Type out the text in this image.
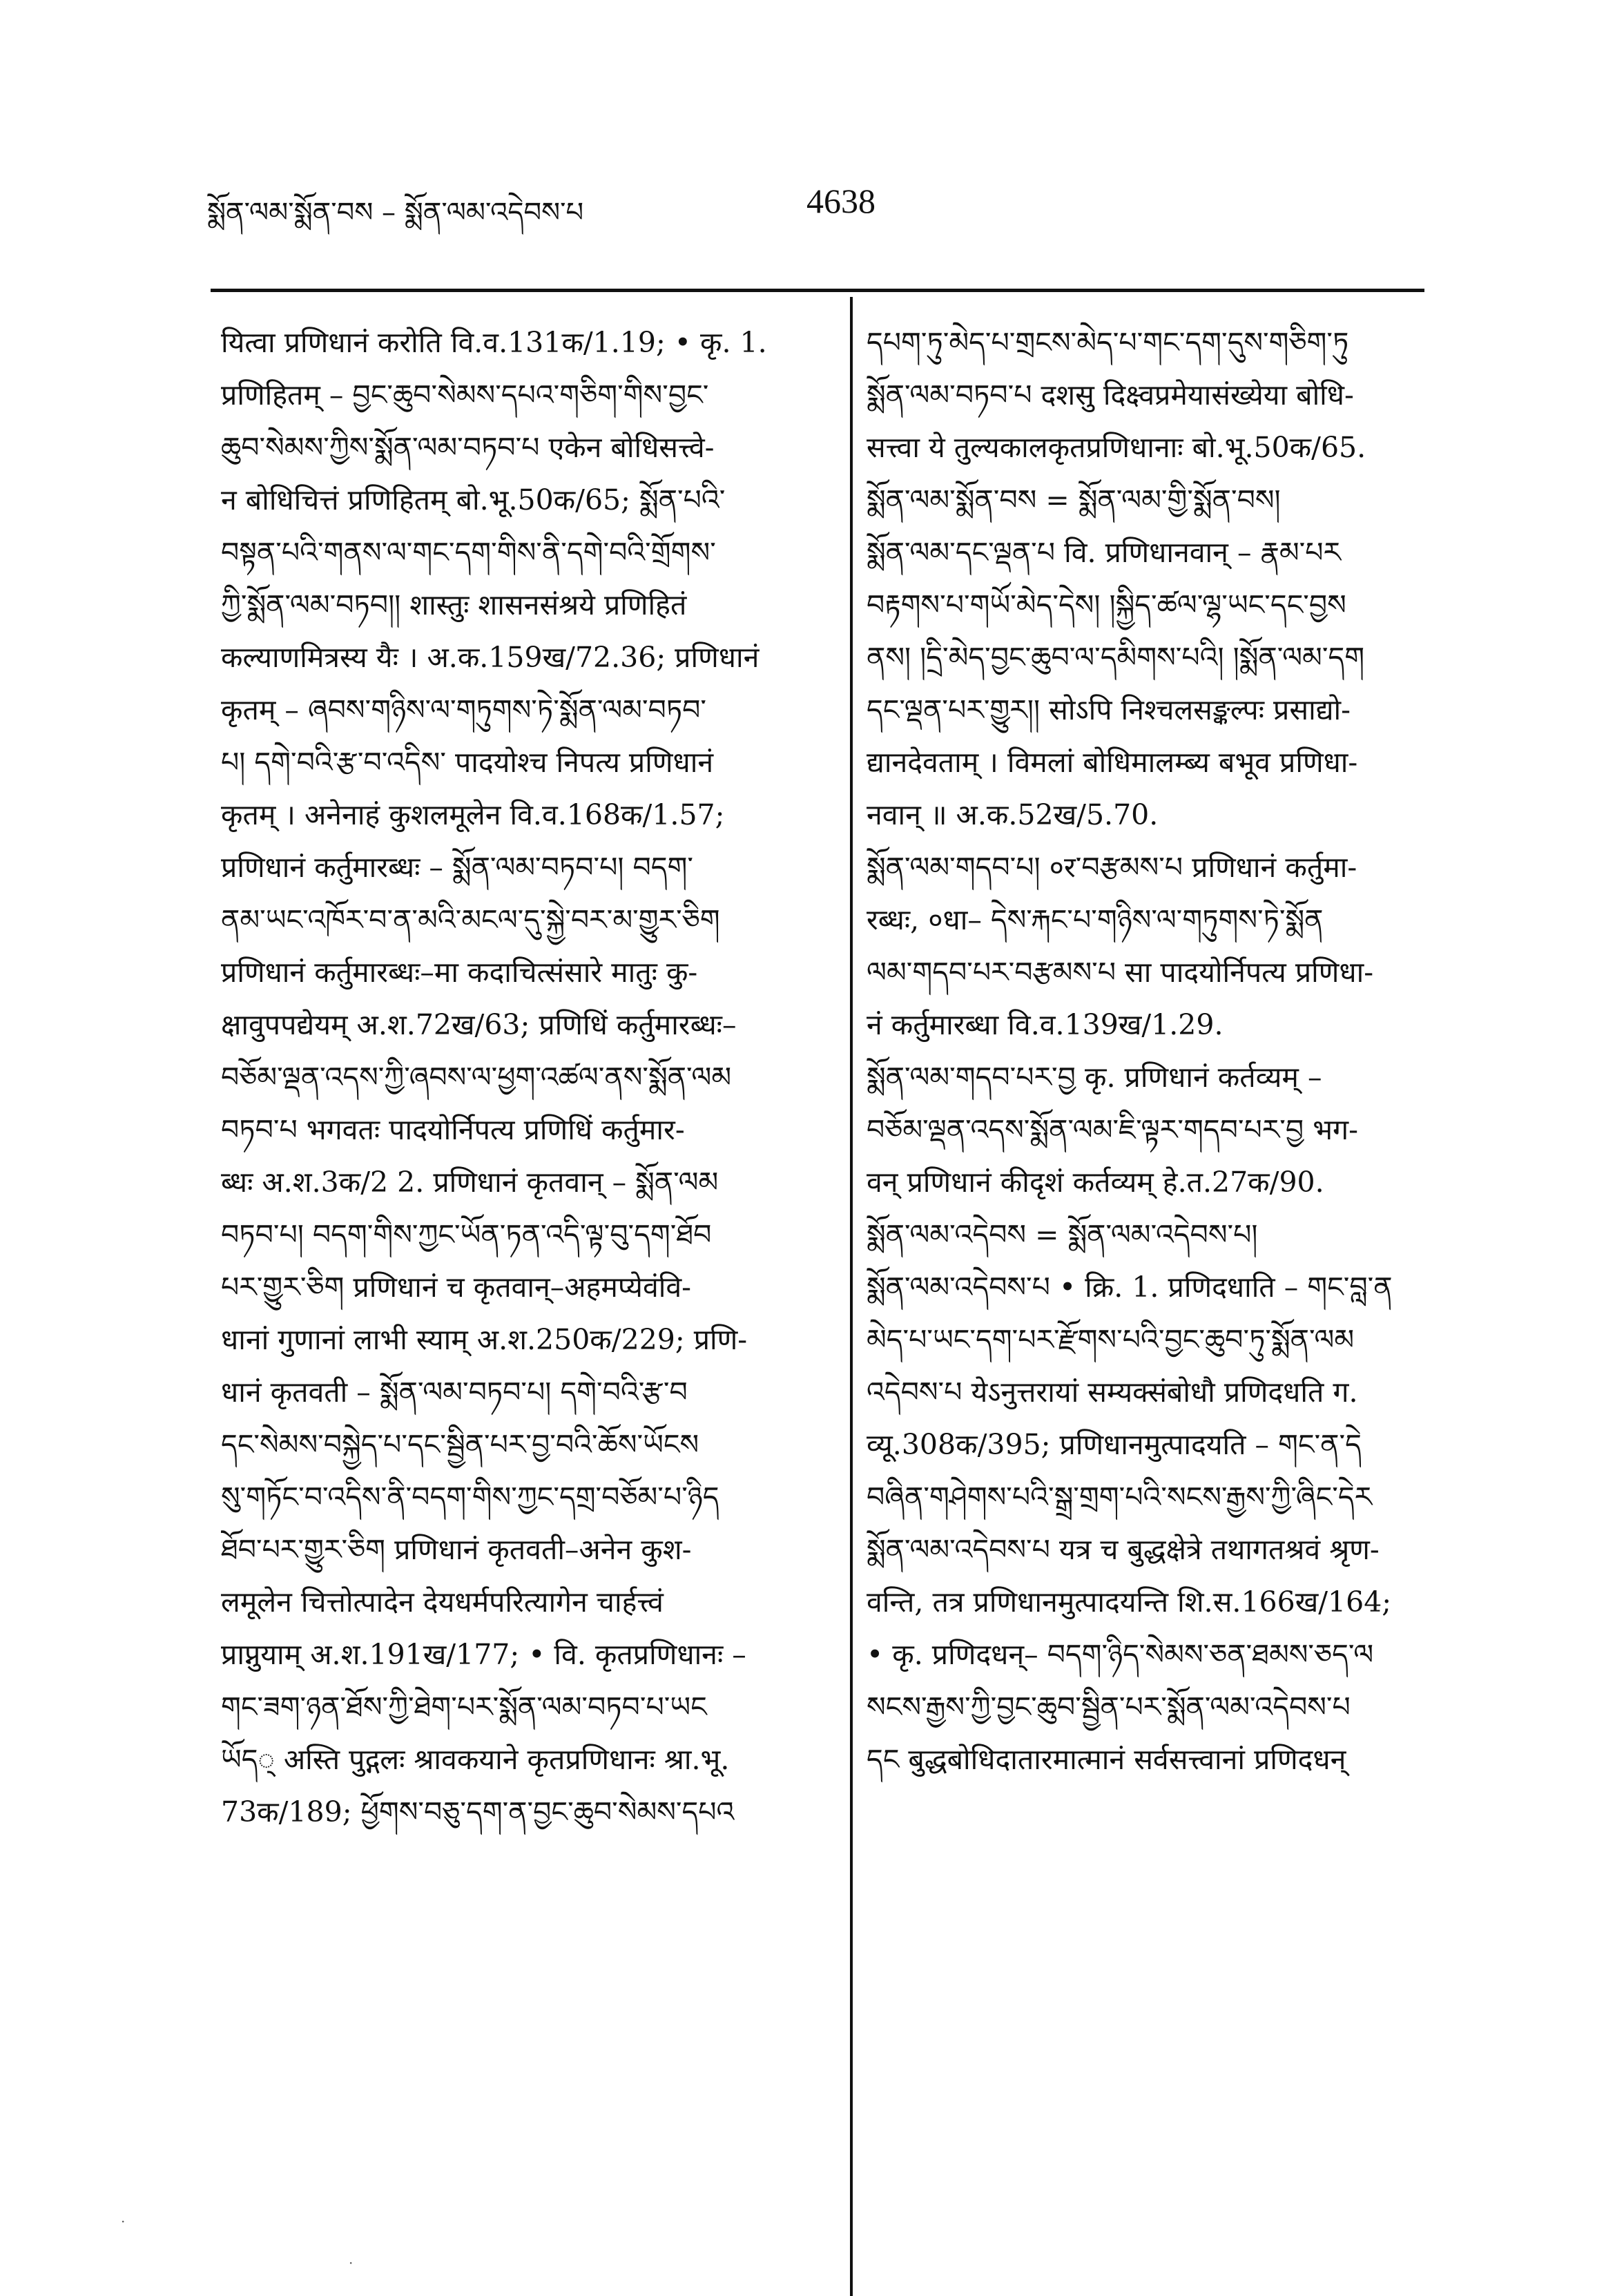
སྨོན་ལམ་སྨོན་བས – སྨོན་ལམ་འདེབས་པ	4638
यित्वा प्रणिधानं करोति वि.व.131क/1.19; • कृ. 1.
प्रणिहितम् – བྱང་ཆུབ་སེམས་དཔའ་གཅིག་གིས་བྱང་
ཆུབ་སེམས་ཀྱིས་སྨོན་ལམ་བཏབ་པ एकेन बोधिसत्त्वे-
न बोधिचित्तं प्रणिहितम् बो.भू.50क/65; སྨོན་པའི་
བསྟན་པའི་གནས་ལ་གང་དག་གིས་ནི་དགེ་བའི་གྲོགས་
ཀྱི་སྨོན་ལམ་བཏབ།། शास्तुः शासनसंश्रये प्रणिहितं
कल्याणमित्रस्य यैः । अ.क.159ख/72.36; प्रणिधानं
कृतम् – ཞབས་གཉིས་ལ་གཏུགས་ཏེ་སྨོན་ལམ་བཏབ་
པ། དགེ་བའི་རྩ་བ་འདིས་ पादयोश्च निपत्य प्रणिधानं
कृतम् । अनेनाहं कुशलमूलेन वि.व.168क/1.57;
प्रणिधानं कर्तुमारब्धः – སྨོན་ལམ་བཏབ་པ། བདག་
ནམ་ཡང་འཁོར་བ་ན་མའི་མངལ་དུ་སྐྱེ་བར་མ་གྱུར་ཅིག
प्रणिधानं कर्तुमारब्धः–मा कदाचित्संसारे मातुः कु-
क्षावुपपद्येयम् अ.श.72ख/63; प्रणिधिं कर्तुमारब्धः–
བཅོམ་ལྡན་འདས་ཀྱི་ཞབས་ལ་ཕྱག་འཚལ་ནས་སྨོན་ལམ
བཏབ་པ भगवतः पादयोर्निपत्य प्रणिधिं कर्तुमार-
ब्धः अ.श.3क/2 2. प्रणिधानं कृतवान् – སྨོན་ལམ
བཏབ་པ། བདག་གིས་ཀྱང་ཡོན་ཏན་འདི་ལྟ་བུ་དག་ཐོབ
པར་གྱུར་ཅིག प्रणिधानं च कृतवान्–अहमप्येवंवि-
धानां गुणानां लाभी स्याम् अ.श.250क/229; प्रणि-
धानं कृतवती – སྨོན་ལམ་བཏབ་པ། དགེ་བའི་རྩ་བ
དང་སེམས་བསྐྱེད་པ་དང་སྦྱིན་པར་བྱ་བའི་ཆོས་ཡོངས
སུ་གཏོང་བ་འདིས་ནི་བདག་གིས་ཀྱང་དགྲ་བཅོམ་པ་ཉིད
ཐོབ་པར་གྱུར་ཅིག प्रणिधानं कृतवती–अनेन कुश-
लमूलेन चित्तोत्पादेन देयधर्मपरित्यागेन चार्हत्त्वं
प्राप्नुयाम् अ.श.191ख/177; • वि. कृतप्रणिधानः –
གང་ཟག་ཉན་ཐོས་ཀྱི་ཐེག་པར་སྨོན་ལམ་བཏབ་པ་ཡང
ཡོད् अस्ति पुद्गलः श्रावकयाने कृतप्रणिधानः श्रा.भू.
73क/189; ཕྱོགས་བཅུ་དག་ན་བྱང་ཆུབ་སེམས་དཔའ
དཔག་ཏུ་མེད་པ་གྲངས་མེད་པ་གང་དག་དུས་གཅིག་ཏུ
སྨོན་ལམ་བཏབ་པ दशसु दिक्ष्वप्रमेयासंख्येया बोधि-
सत्त्वा ये तुल्यकालकृतप्रणिधानाः बो.भू.50क/65.
སྨོན་ལམ་སྨོན་བས = སྨོན་ལམ་གྱི་སྨོན་བས།
སྨོན་ལམ་དང་ལྡན་པ वि. प्रणिधानवान् – རྣམ་པར
བརྟགས་པ་གཡོ་མེད་དེས། །སྐྱིད་ཚལ་ལྷ་ཡང་དང་བྱས
ནས། །དྲི་མེད་བྱང་ཆུབ་ལ་དམིགས་པའི། །སྨོན་ལམ་དག
དང་ལྡན་པར་གྱུར།། सोऽपि निश्चलसङ्कल्पः प्रसाद्यो-
द्यानदेवताम् । विमलां बोधिमालम्ब्य बभूव प्रणिधा-
नवान् ॥ अ.क.52ख/5.70.
སྨོན་ལམ་གདབ་པ། ०र་བརྩམས་པ प्रणिधानं कर्तुमा-
रब्धः, ०धा– དེས་རྐང་པ་གཉིས་ལ་གཏུགས་ཏེ་སྨོན
ལམ་གདབ་པར་བརྩམས་པ सा पादयोर्निपत्य प्रणिधा-
नं कर्तुमारब्धा वि.व.139ख/1.29.
སྨོན་ལམ་གདབ་པར་བྱ कृ. प्रणिधानं कर्तव्यम् –
བཅོམ་ལྡན་འདས་སྨོན་ལམ་ཇི་ལྟར་གདབ་པར་བྱ भग-
वन् प्रणिधानं कीदृशं कर्तव्यम् हे.त.27क/90.
སྨོན་ལམ་འདེབས = སྨོན་ལམ་འདེབས་པ།
སྨོན་ལམ་འདེབས་པ • क्रि. 1. प्रणिदधाति – གང་བླ་ན
མེད་པ་ཡང་དག་པར་རྫོགས་པའི་བྱང་ཆུབ་ཏུ་སྨོན་ལམ
འདེབས་པ येऽनुत्तरायां सम्यक्संबोधौ प्रणिदधति ग.
व्यू.308क/395; प्रणिधानमुत्पादयति – གང་ན་དེ
བཞིན་གཤེགས་པའི་སྒྲ་གྲག་པའི་སངས་རྒྱས་ཀྱི་ཞིང་དེར
སྨོན་ལམ་འདེབས་པ यत्र च बुद्धक्षेत्रे तथागतश्रवं श्रृण-
वन्ति, तत्र प्रणिधानमुत्पादयन्ति शि.स.166ख/164;
• कृ. प्रणिदधन्– བདག་ཉིད་སེམས་ཅན་ཐམས་ཅད་ལ
སངས་རྒྱས་ཀྱི་བྱང་ཆུབ་སྦྱིན་པར་སྨོན་ལམ་འདེབས་པ
དང बुद्धबोधिदातारमात्मानं सर्वसत्त्वानां प्रणिदधन्
·
·
